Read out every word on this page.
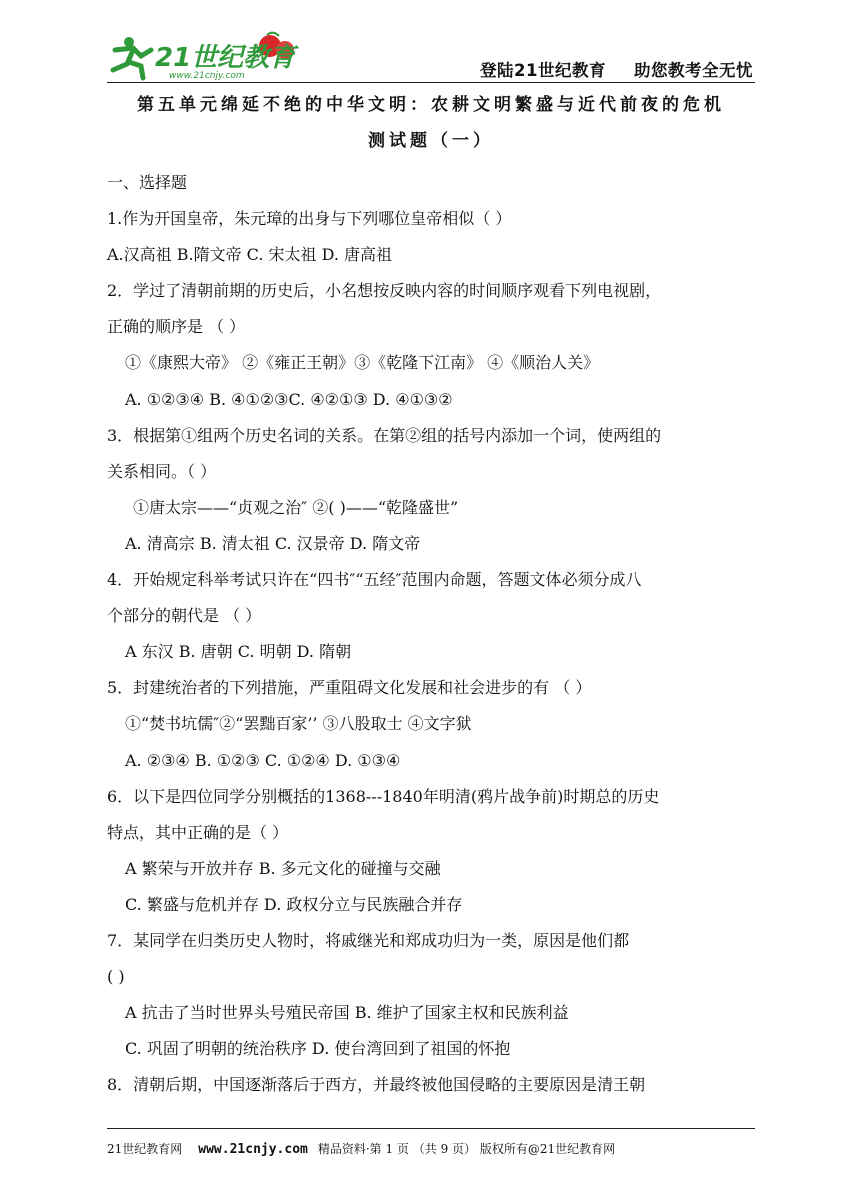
21世纪教育
www.21cnjy.com	登陆21世纪教育 助您教考全无忧
第五单元绵延不绝的中华文明：农耕文明繁盛与近代前夜的危机
测试题（一）
一、选择题
1.作为开国皇帝，朱元璋的出身与下列哪位皇帝相似（ ）
A.汉高祖 B.隋文帝 C. 宋太祖 D. 唐高祖
2．学过了清朝前期的历史后，小名想按反映内容的时间顺序观看下列电视剧，
正确的顺序是 （ ）
①《康熙大帝》 ②《雍正王朝》③《乾隆下江南》 ④《顺治人关》
A. ①②③④ B. ④①②③C. ④②①③ D. ④①③②
3．根据第①组两个历史名词的关系。在第②组的括号内添加一个词，使两组的
关系相同。（ ）
①唐太宗——“贞观之治″ ②( )——“乾隆盛世”
A. 清高宗 B. 清太祖 C. 汉景帝 D. 隋文帝
4．开始规定科举考试只许在“四书″“五经″范围内命题，答题文体必须分成八
个部分的朝代是 （ ）
A 东汉 B. 唐朝 C. 明朝 D. 隋朝
5．封建统治者的下列措施，严重阻碍文化发展和社会进步的有 （ ）
①“焚书坑儒″②“罢黜百家’’ ③八股取士 ④文字狱
A. ②③④ B. ①②③ C. ①②④ D. ①③④
6．以下是四位同学分别概括的1368---1840年明清(鸦片战争前)时期总的历史
特点，其中正确的是（ ）
A 繁荣与开放并存 B. 多元文化的碰撞与交融
C. 繁盛与危机并存 D. 政权分立与民族融合并存
7．某同学在归类历史人物时，将戚继光和郑成功归为一类，原因是他们都
( )
A 抗击了当时世界头号殖民帝国 B. 维护了国家主权和民族利益
C. 巩固了明朝的统治秩序 D. 使台湾回到了祖国的怀抱
8．清朝后期，中国逐渐落后于西方，并最终被他国侵略的主要原因是清王朝
21世纪教育网 www.21cnjy.com 精品资料·第 1 页 （共 9 页） 版权所有@21世纪教育网
